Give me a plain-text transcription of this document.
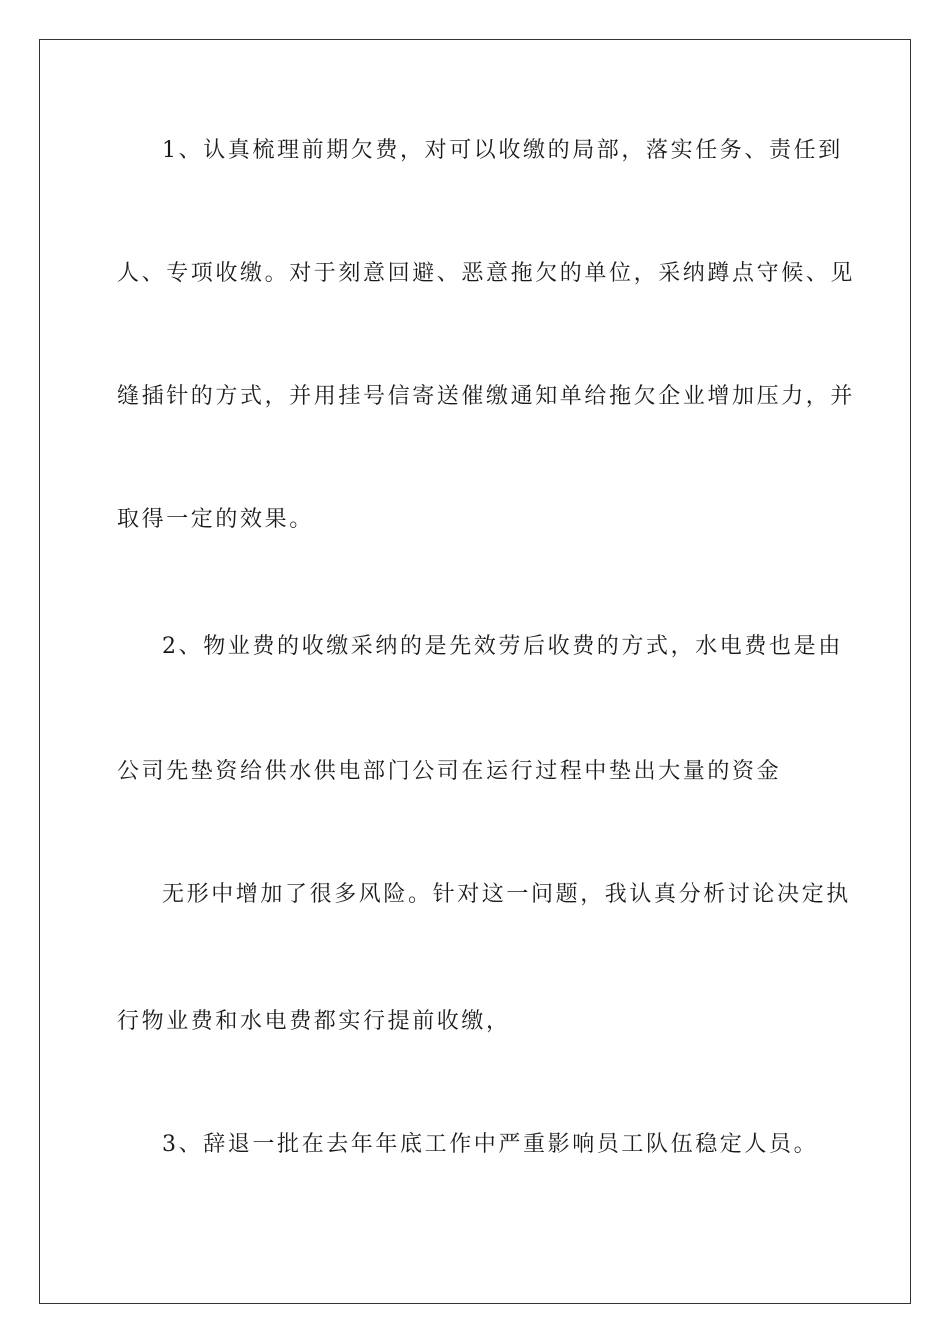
1、认真梳理前期欠费，对可以收缴的局部，落实任务、责任到
人、专项收缴。对于刻意回避、恶意拖欠的单位，采纳蹲点守候、见
缝插针的方式，并用挂号信寄送催缴通知单给拖欠企业增加压力，并
取得一定的效果。
2、物业费的收缴采纳的是先效劳后收费的方式，水电费也是由
公司先垫资给供水供电部门公司在运行过程中垫出大量的资金
无形中增加了很多风险。针对这一问题，我认真分析讨论决定执
行物业费和水电费都实行提前收缴，
3、辞退一批在去年年底工作中严重影响员工队伍稳定人员。
